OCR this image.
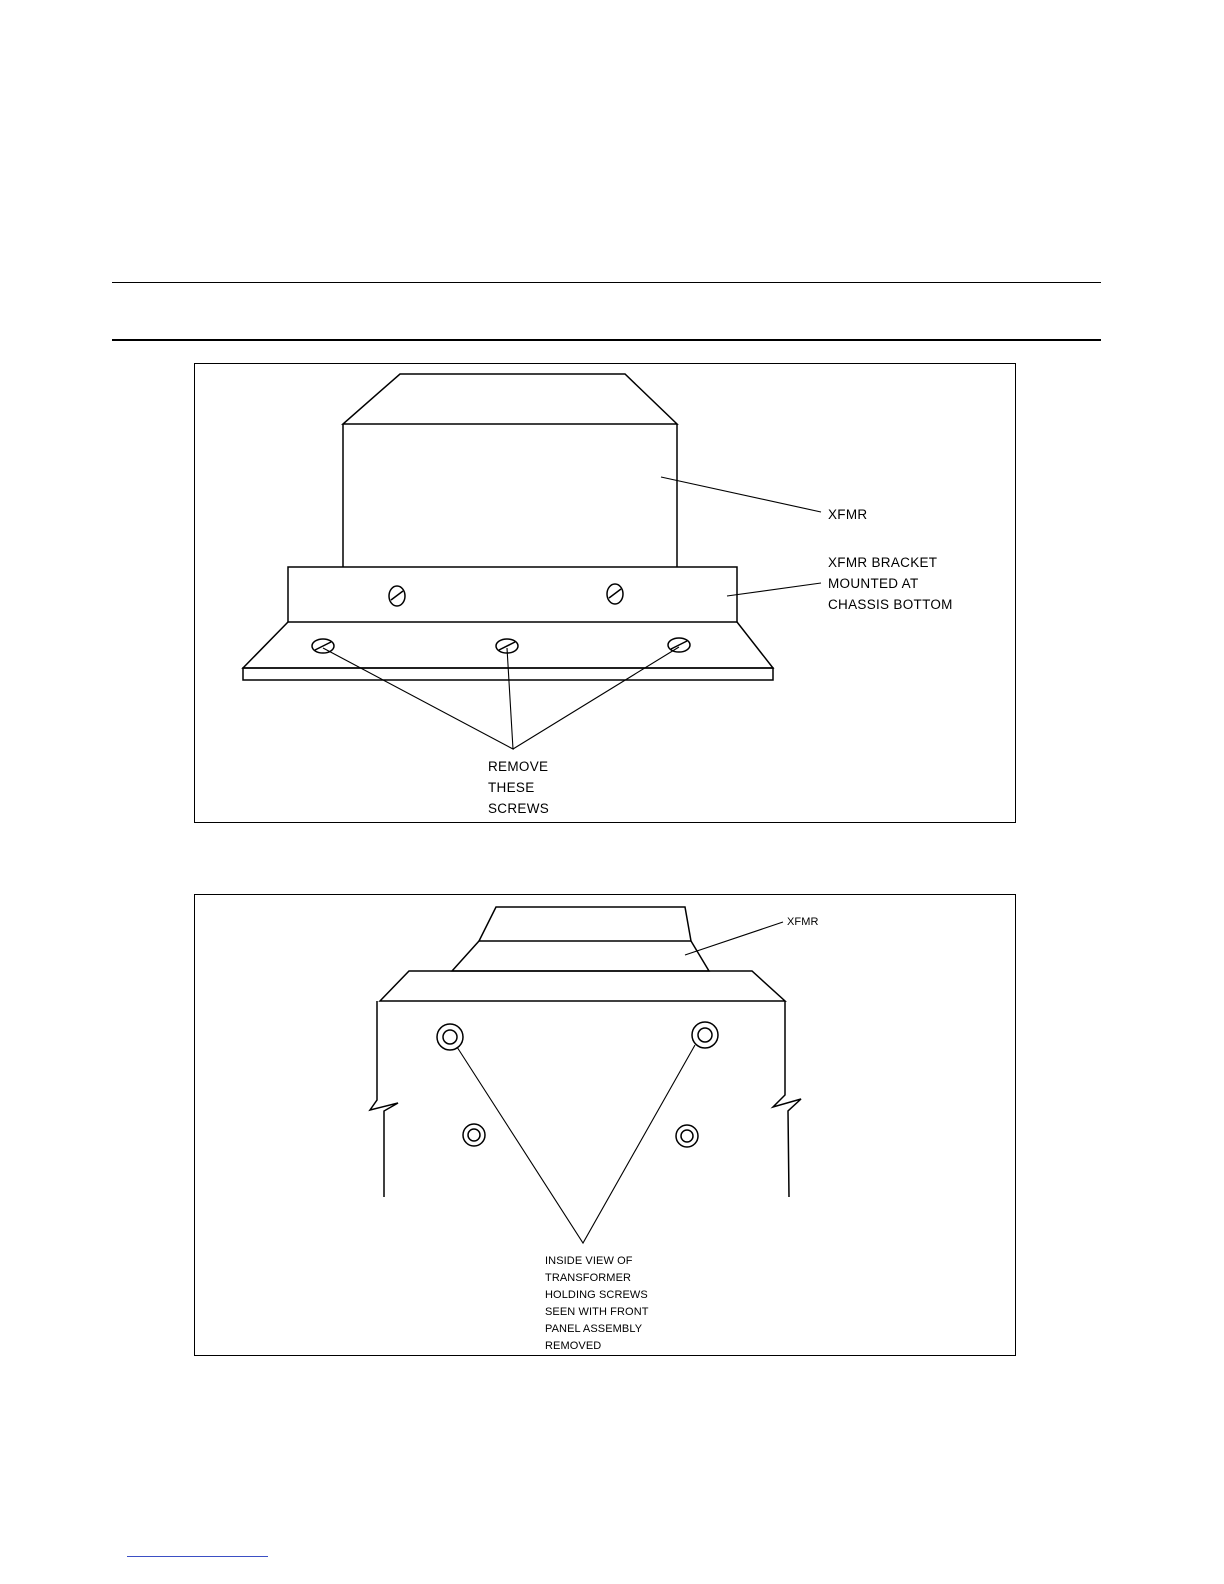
XFMR
XFMR BRACKET
MOUNTED AT
CHASSIS BOTTOM
REMOVE
THESE
SCREWS
XFMR
INSIDE VIEW OF
TRANSFORMER
HOLDING SCREWS
SEEN WITH FRONT
PANEL ASSEMBLY
REMOVED
